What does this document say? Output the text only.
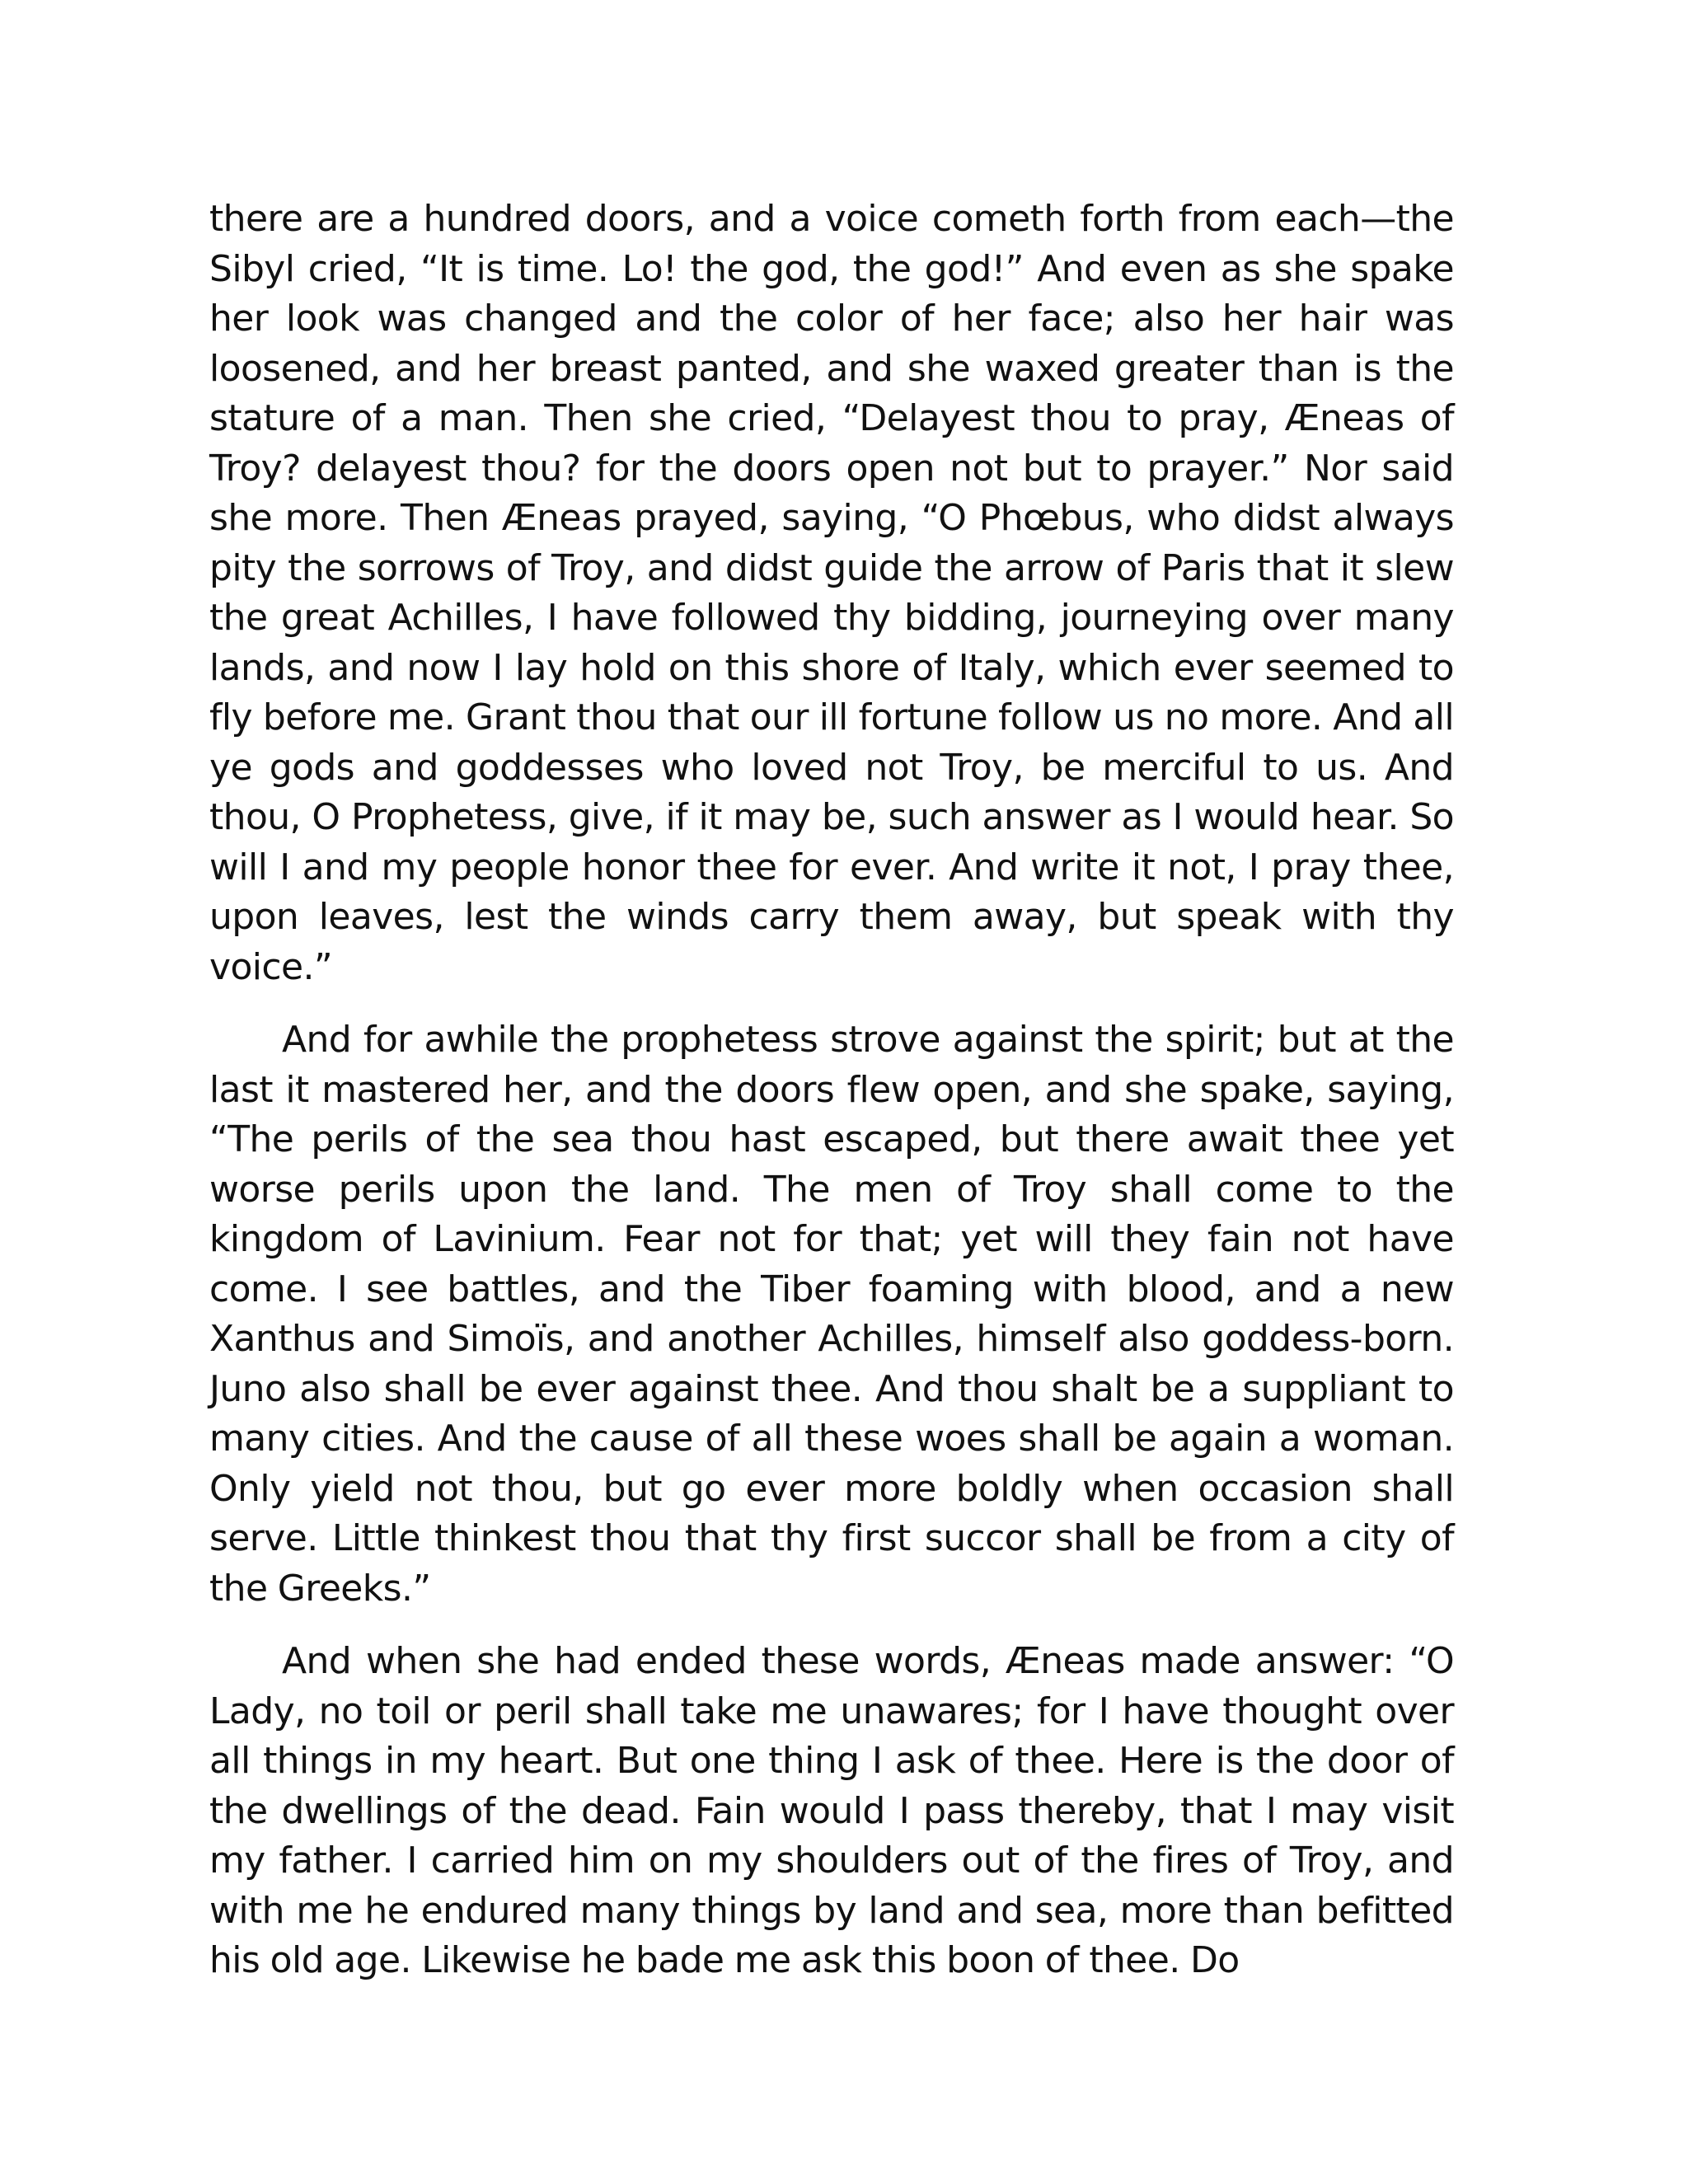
there are a hundred doors, and a voice cometh forth from each—the Sibyl cried, “It is time. Lo! the god, the god!” And even as she spake her look was changed and the color of her face; also her hair was loosened, and her breast panted, and she waxed greater than is the stature of a man. Then she cried, “Delayest thou to pray, Æneas of Troy? delayest thou? for the doors open not but to prayer.” Nor said she more. Then Æneas prayed, saying, “O Phœbus, who didst always pity the sorrows of Troy, and didst guide the arrow of Paris that it slew the great Achilles, I have followed thy bidding, journeying over many lands, and now I lay hold on this shore of Italy, which ever seemed to fly before me. Grant thou that our ill fortune follow us no more. And all ye gods and goddesses who loved not Troy, be merciful to us. And thou, O Prophetess, give, if it may be, such answer as I would hear. So will I and my people honor thee for ever. And write it not, I pray thee, upon leaves, lest the winds carry them away, but speak with thy voice.”

And for awhile the prophetess strove against the spirit; but at the last it mastered her, and the doors flew open, and she spake, saying, “The perils of the sea thou hast escaped, but there await thee yet worse perils upon the land. The men of Troy shall come to the kingdom of Lavinium. Fear not for that; yet will they fain not have come. I see battles, and the Tiber foaming with blood, and a new Xanthus and Simoïs, and another Achilles, himself also goddess-born. Juno also shall be ever against thee. And thou shalt be a suppliant to many cities. And the cause of all these woes shall be again a woman. Only yield not thou, but go ever more boldly when occasion shall serve. Little thinkest thou that thy first succor shall be from a city of the Greeks.”

And when she had ended these words, Æneas made answer: “O Lady, no toil or peril shall take me unawares; for I have thought over all things in my heart. But one thing I ask of thee. Here is the door of the dwellings of the dead. Fain would I pass thereby, that I may visit my father. I carried him on my shoulders out of the fires of Troy, and with me he endured many things by land and sea, more than befitted his old age. Likewise he bade me ask this boon of thee. Do
